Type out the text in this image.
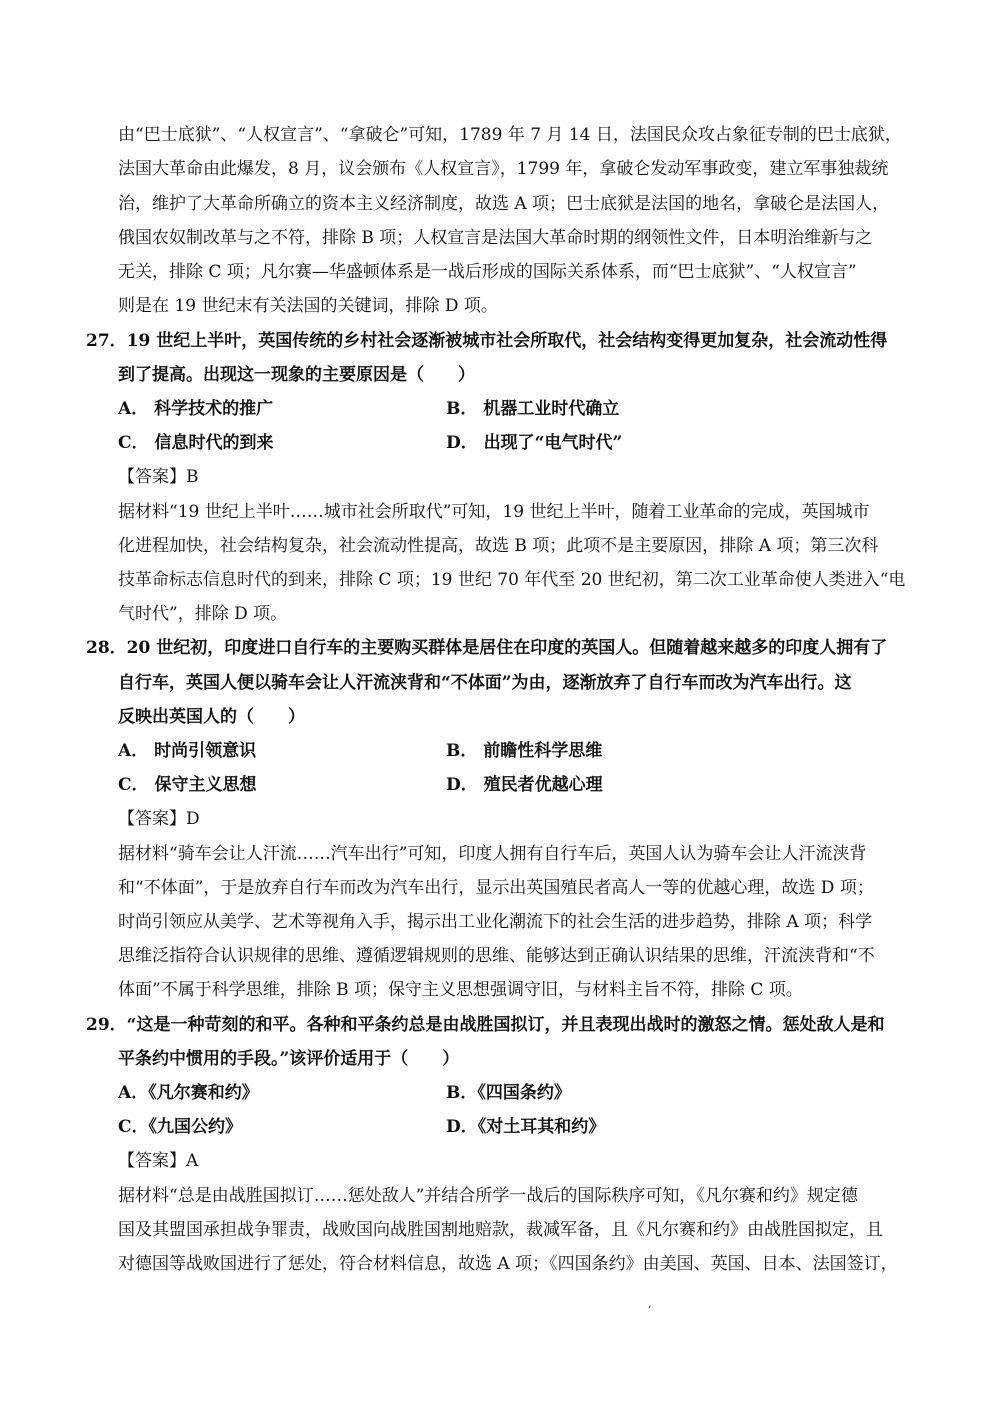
由“巴士底狱”、“人权宣言”、“拿破仑”可知，1789 年 7 月 14 日，法国民众攻占象征专制的巴士底狱，
法国大革命由此爆发，8 月，议会颁布《人权宣言》，1799 年，拿破仑发动军事政变，建立军事独裁统
治，维护了大革命所确立的资本主义经济制度，故选 A 项；巴士底狱是法国的地名，拿破仑是法国人，
俄国农奴制改革与之不符，排除 B 项；人权宣言是法国大革命时期的纲领性文件，日本明治维新与之
无关，排除 C 项；凡尔赛—华盛顿体系是一战后形成的国际关系体系，而“巴士底狱”、“人权宣言”
则是在 19 世纪末有关法国的关键词，排除 D 项。
27．19 世纪上半叶，英国传统的乡村社会逐渐被城市社会所取代，社会结构变得更加复杂，社会流动性得
到了提高。出现这一现象的主要原因是（　　）
A． 科学技术的推广	B． 机器工业时代确立
C． 信息时代的到来	D． 出现了“电气时代”
【答案】B
据材料“19 世纪上半叶……城市社会所取代”可知，19 世纪上半叶，随着工业革命的完成，英国城市
化进程加快，社会结构复杂，社会流动性提高，故选 B 项；此项不是主要原因，排除 A 项；第三次科
技革命标志信息时代的到来，排除 C 项；19 世纪 70 年代至 20 世纪初，第二次工业革命使人类进入“电
气时代”，排除 D 项。
28．20 世纪初，印度进口自行车的主要购买群体是居住在印度的英国人。但随着越来越多的印度人拥有了
自行车，英国人便以骑车会让人汗流浃背和“不体面”为由，逐渐放弃了自行车而改为汽车出行。这
反映出英国人的（　　）
A． 时尚引领意识	B． 前瞻性科学思维
C． 保守主义思想	D． 殖民者优越心理
【答案】D
据材料“骑车会让人汗流……汽车出行”可知，印度人拥有自行车后，英国人认为骑车会让人汗流浃背
和“不体面”，于是放弃自行车而改为汽车出行，显示出英国殖民者高人一等的优越心理，故选 D 项；
时尚引领应从美学、艺术等视角入手，揭示出工业化潮流下的社会生活的进步趋势，排除 A 项；科学
思维泛指符合认识规律的思维、遵循逻辑规则的思维、能够达到正确认识结果的思维，汗流浃背和“不
体面”不属于科学思维，排除 B 项；保守主义思想强调守旧，与材料主旨不符，排除 C 项。
29．“这是一种苛刻的和平。各种和平条约总是由战胜国拟订，并且表现出战时的激怒之情。惩处敌人是和
平条约中惯用的手段。”该评价适用于（　　）
A．《凡尔赛和约》	B．《四国条约》
C．《九国公约》	D．《对土耳其和约》
【答案】A
据材料“总是由战胜国拟订……惩处敌人”并结合所学一战后的国际秩序可知，《凡尔赛和约》规定德
国及其盟国承担战争罪责，战败国向战胜国割地赔款，裁减军备，且《凡尔赛和约》由战胜国拟定，且
对德国等战败国进行了惩处，符合材料信息，故选 A 项；《四国条约》由美国、英国、日本、法国签订，
,
